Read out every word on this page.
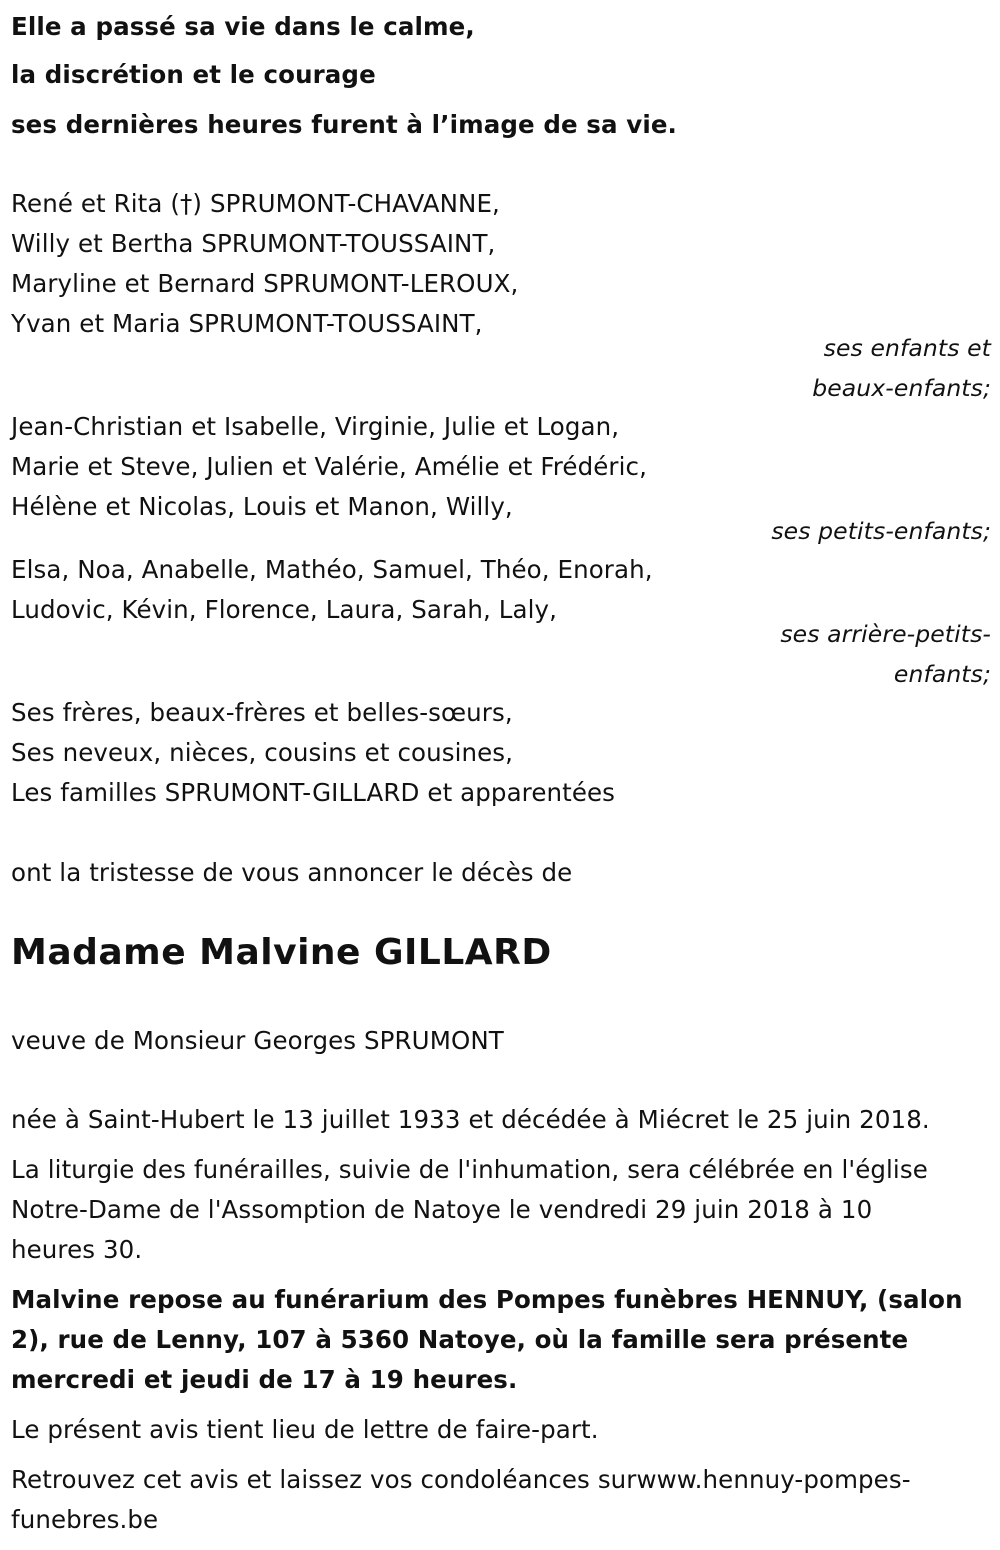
Elle a passé sa vie dans le calme,
la discrétion et le courage
ses dernières heures furent à l’image de sa vie.
René et Rita (†) SPRUMONT-CHAVANNE,
Willy et Bertha SPRUMONT-TOUSSAINT,
Maryline et Bernard SPRUMONT-LEROUX,
Yvan et Maria SPRUMONT-TOUSSAINT,
ses enfants et
beaux-enfants;
Jean-Christian et Isabelle, Virginie, Julie et Logan,
Marie et Steve, Julien et Valérie, Amélie et Frédéric,
Hélène et Nicolas, Louis et Manon, Willy,
ses petits-enfants;
Elsa, Noa, Anabelle, Mathéo, Samuel, Théo, Enorah,
Ludovic, Kévin, Florence, Laura, Sarah, Laly,
ses arrière-petits-
enfants;
Ses frères, beaux-frères et belles-sœurs,
Ses neveux, nièces, cousins et cousines,
Les familles SPRUMONT-GILLARD et apparentées
ont la tristesse de vous annoncer le décès de
Madame Malvine GILLARD
veuve de Monsieur Georges SPRUMONT
née à Saint-Hubert le 13 juillet 1933 et décédée à Miécret le 25 juin 2018.
La liturgie des funérailles, suivie de l'inhumation, sera célébrée en l'église
Notre-Dame de l'Assomption de Natoye le vendredi 29 juin 2018 à 10
heures 30.
Malvine repose au funérarium des Pompes funèbres HENNUY, (salon
2), rue de Lenny, 107 à 5360 Natoye, où la famille sera présente
mercredi et jeudi de 17 à 19 heures.
Le présent avis tient lieu de lettre de faire-part.
Retrouvez cet avis et laissez vos condoléances surwww.hennuy-pompes-
funebres.be
